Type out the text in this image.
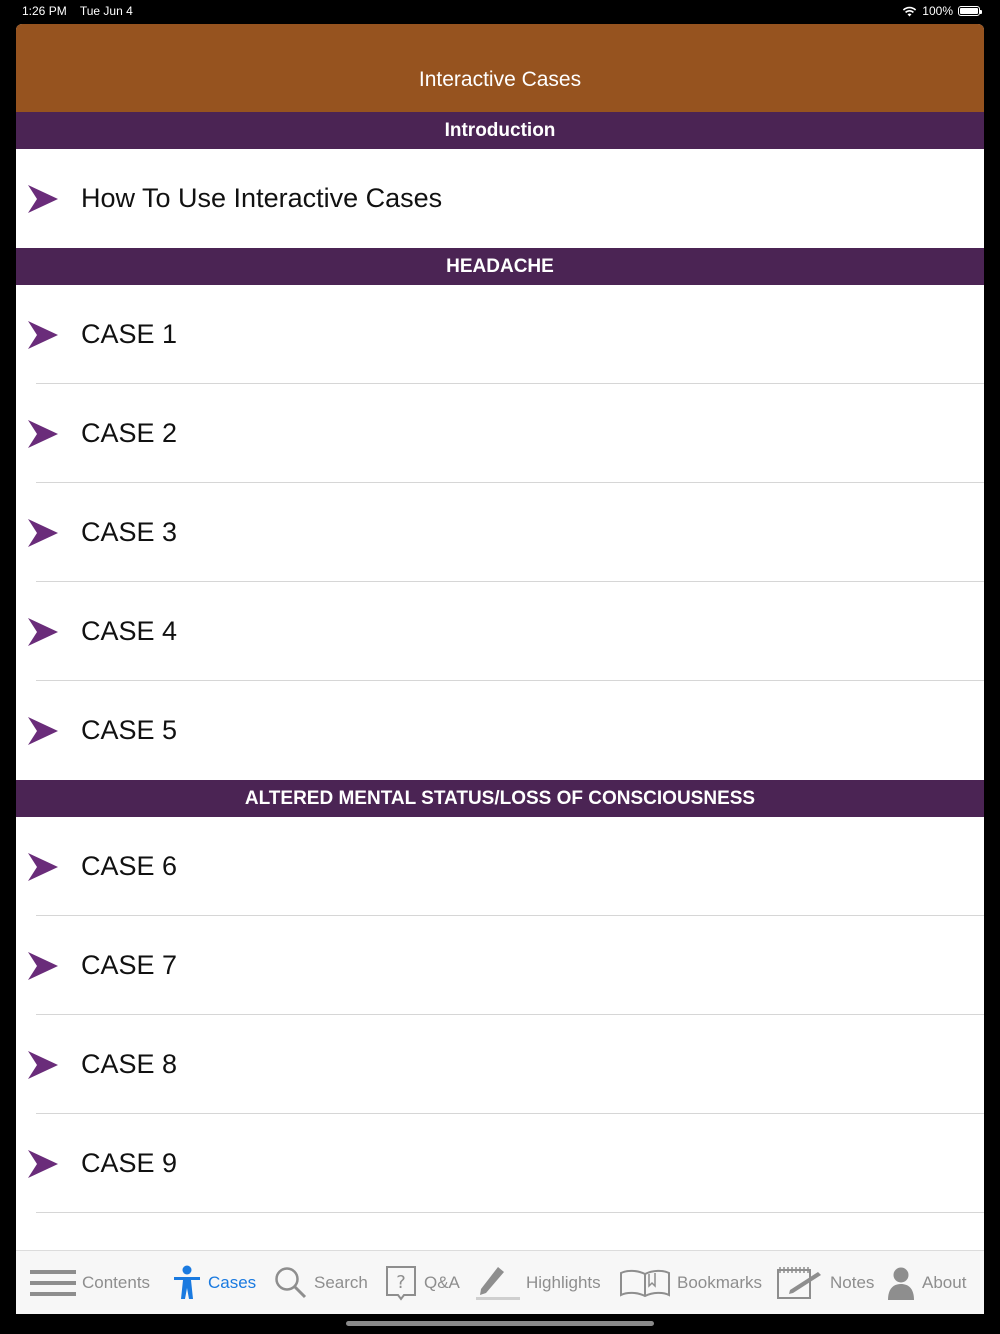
1:26 PM Tue Jun 4	100%
Interactive Cases
Introduction
How To Use Interactive Cases
HEADACHE
CASE 1
CASE 2
CASE 3
CASE 4
CASE 5
ALTERED MENTAL STATUS/LOSS OF CONSCIOUSNESS
CASE 6
CASE 7
CASE 8
CASE 9
Contents	Cases	Search ? Q&A	Highlights	Bookmarks	Notes	About
